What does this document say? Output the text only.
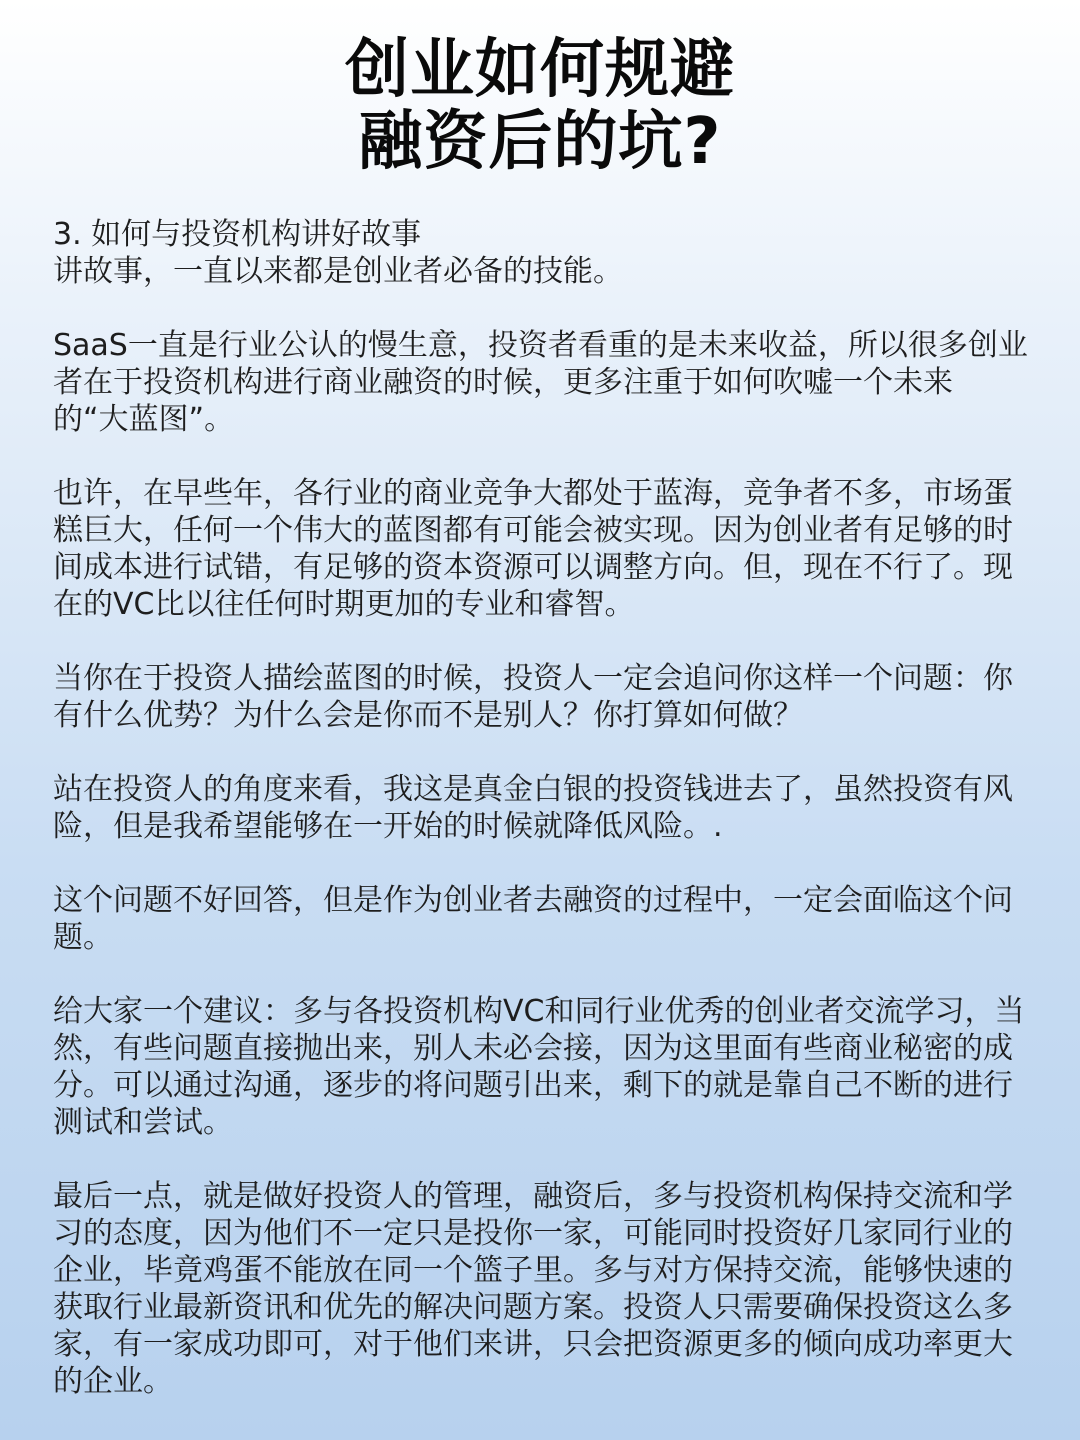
创业如何规避
融资后的坑?

3. 如何与投资机构讲好故事
讲故事，一直以来都是创业者必备的技能。

SaaS一直是行业公认的慢生意，投资者看重的是未来收益，所以很多创业者在于投资机构进行商业融资的时候，更多注重于如何吹嘘一个未来的“大蓝图”。

也许，在早些年，各行业的商业竞争大都处于蓝海，竞争者不多，市场蛋糕巨大，任何一个伟大的蓝图都有可能会被实现。因为创业者有足够的时间成本进行试错，有足够的资本资源可以调整方向。但，现在不行了。现在的VC比以往任何时期更加的专业和睿智。

当你在于投资人描绘蓝图的时候，投资人一定会追问你这样一个问题：你有什么优势？为什么会是你而不是别人？你打算如何做？

站在投资人的角度来看，我这是真金白银的投资钱进去了，虽然投资有风险，但是我希望能够在一开始的时候就降低风险。.

这个问题不好回答，但是作为创业者去融资的过程中，一定会面临这个问题。

给大家一个建议：多与各投资机构VC和同行业优秀的创业者交流学习，当然，有些问题直接抛出来，别人未必会接，因为这里面有些商业秘密的成分。可以通过沟通，逐步的将问题引出来，剩下的就是靠自己不断的进行测试和尝试。

最后一点，就是做好投资人的管理，融资后，多与投资机构保持交流和学习的态度，因为他们不一定只是投你一家，可能同时投资好几家同行业的企业，毕竟鸡蛋不能放在同一个篮子里。多与对方保持交流，能够快速的获取行业最新资讯和优先的解决问题方案。投资人只需要确保投资这么多家，有一家成功即可，对于他们来讲，只会把资源更多的倾向成功率更大的企业。
